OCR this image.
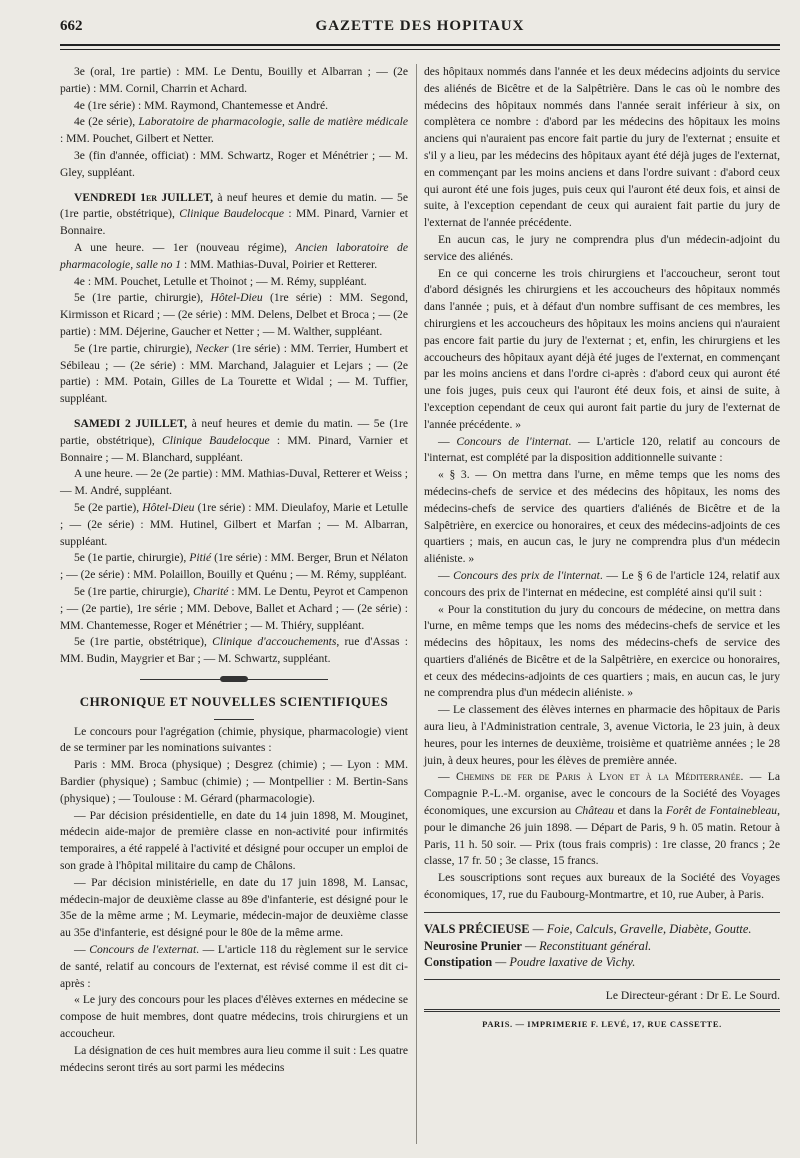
662	GAZETTE DES HOPITAUX

3e (oral, 1re partie) : MM. Le Dentu, Bouilly et Albarran ; — (2e partie) : MM. Cornil, Charrin et Achard.

4e (1re série) : MM. Raymond, Chantemesse et André.

4e (2e série), Laboratoire de pharmacologie, salle de matière médicale : MM. Pouchet, Gilbert et Netter.

3e (fin d'année, officiat) : MM. Schwartz, Roger et Ménétrier ; — M. Gley, suppléant.

VENDREDI 1er JUILLET, à neuf heures et demie du matin. — 5e (1re partie, obstétrique), Clinique Baudelocque : MM. Pinard, Varnier et Bonnaire.

A une heure. — 1er (nouveau régime), Ancien laboratoire de pharmacologie, salle no 1 : MM. Mathias-Duval, Poirier et Retterer.

4e : MM. Pouchet, Letulle et Thoinot ; — M. Rémy, suppléant.

5e (1re partie, chirurgie), Hôtel-Dieu (1re série) : MM. Segond, Kirmisson et Ricard ; — (2e série) : MM. Delens, Delbet et Broca ; — (2e partie) : MM. Déjerine, Gaucher et Netter ; — M. Walther, suppléant.

5e (1re partie, chirurgie), Necker (1re série) : MM. Terrier, Humbert et Sébileau ; — (2e série) : MM. Marchand, Jalaguier et Lejars ; — (2e partie) : MM. Potain, Gilles de La Tourette et Widal ; — M. Tuffier, suppléant.

SAMEDI 2 JUILLET, à neuf heures et demie du matin. — 5e (1re partie, obstétrique), Clinique Baudelocque : MM. Pinard, Varnier et Bonnaire ; — M. Blanchard, suppléant.

A une heure. — 2e (2e partie) : MM. Mathias-Duval, Retterer et Weiss ; — M. André, suppléant.

5e (2e partie), Hôtel-Dieu (1re série) : MM. Dieulafoy, Marie et Letulle ; — (2e série) : MM. Hutinel, Gilbert et Marfan ; — M. Albarran, suppléant.

5e (1e partie, chirurgie), Pitié (1re série) : MM. Berger, Brun et Nélaton ; — (2e série) : MM. Polaillon, Bouilly et Quénu ; — M. Rémy, suppléant.

5e (1re partie, chirurgie), Charité : MM. Le Dentu, Peyrot et Campenon ; — (2e partie), 1re série ; MM. Debove, Ballet et Achard ; — (2e série) : MM. Chantemesse, Roger et Ménétrier ; — M. Thiéry, suppléant.

5e (1re partie, obstétrique), Clinique d'accouchements, rue d'Assas : MM. Budin, Maygrier et Bar ; — M. Schwartz, suppléant.

CHRONIQUE ET NOUVELLES SCIENTIFIQUES

Le concours pour l'agrégation (chimie, physique, pharmacologie) vient de se terminer par les nominations suivantes :

Paris : MM. Broca (physique) ; Desgrez (chimie) ; — Lyon : MM. Bardier (physique) ; Sambuc (chimie) ; — Montpellier : M. Bertin-Sans (physique) ; — Toulouse : M. Gérard (pharmacologie).

— Par décision présidentielle, en date du 14 juin 1898, M. Mouginet, médecin aide-major de première classe en non-activité pour infirmités temporaires, a été rappelé à l'activité et désigné pour occuper un emploi de son grade à l'hôpital militaire du camp de Châlons.

— Par décision ministérielle, en date du 17 juin 1898, M. Lansac, médecin-major de deuxième classe au 89e d'infanterie, est désigné pour le 35e de la même arme ; M. Leymarie, médecin-major de deuxième classe au 35e d'infanterie, est désigné pour le 80e de la même arme.

— Concours de l'externat. — L'article 118 du règlement sur le service de santé, relatif au concours de l'externat, est révisé comme il est dit ci-après :

« Le jury des concours pour les places d'élèves externes en médecine se compose de huit membres, dont quatre médecins, trois chirurgiens et un accoucheur.

La désignation de ces huit membres aura lieu comme il suit : Les quatre médecins seront tirés au sort parmi les médecins

des hôpitaux nommés dans l'année et les deux médecins adjoints du service des aliénés de Bicêtre et de la Salpêtrière. Dans le cas où le nombre des médecins des hôpitaux nommés dans l'année serait inférieur à six, on complètera ce nombre : d'abord par les médecins des hôpitaux les moins anciens qui n'auraient pas encore fait partie du jury de l'externat ; ensuite et s'il y a lieu, par les médecins des hôpitaux ayant été déjà juges de l'externat, en commençant par les moins anciens et dans l'ordre suivant : d'abord ceux qui auront été une fois juges, puis ceux qui l'auront été deux fois, et ainsi de suite, à l'exception cependant de ceux qui auraient fait partie du jury de l'externat de l'année précédente.

En aucun cas, le jury ne comprendra plus d'un médecin-adjoint du service des aliénés.

En ce qui concerne les trois chirurgiens et l'accoucheur, seront tout d'abord désignés les chirurgiens et les accoucheurs des hôpitaux nommés dans l'année ; puis, et à défaut d'un nombre suffisant de ces membres, les chirurgiens et les accoucheurs des hôpitaux les moins anciens qui n'auraient pas encore fait partie du jury de l'externat ; et, enfin, les chirurgiens et les accoucheurs des hôpitaux ayant déjà été juges de l'externat, en commençant par les moins anciens et dans l'ordre ci-après : d'abord ceux qui auront été une fois juges, puis ceux qui l'auront été deux fois, et ainsi de suite, à l'exception cependant de ceux qui auront fait partie du jury de l'externat de l'année précédente. »

— Concours de l'internat. — L'article 120, relatif au concours de l'internat, est complété par la disposition additionnelle suivante :

« § 3. — On mettra dans l'urne, en même temps que les noms des médecins-chefs de service et des médecins des hôpitaux, les noms des médecins-chefs de service des quartiers d'aliénés de Bicêtre et de la Salpêtrière, en exercice ou honoraires, et ceux des médecins-adjoints de ces quartiers ; mais, en aucun cas, le jury ne comprendra plus d'un médecin aliéniste. »

— Concours des prix de l'internat. — Le § 6 de l'article 124, relatif aux concours des prix de l'internat en médecine, est complété ainsi qu'il suit :

« Pour la constitution du jury du concours de médecine, on mettra dans l'urne, en même temps que les noms des médecins-chefs de service et les médecins des hôpitaux, les noms des médecins-chefs de service des quartiers d'aliénés de Bicêtre et de la Salpêtrière, en exercice ou honoraires, et ceux des médecins-adjoints de ces quartiers ; mais, en aucun cas, le jury ne comprendra plus d'un médecin aliéniste. »

— Le classement des élèves internes en pharmacie des hôpitaux de Paris aura lieu, à l'Administration centrale, 3, avenue Victoria, le 23 juin, à deux heures, pour les internes de deuxième, troisième et quatrième années ; le 28 juin, à deux heures, pour les élèves de première année.

— Chemins de fer de Paris à Lyon et à la Méditerranée. — La Compagnie P.-L.-M. organise, avec le concours de la Société des Voyages économiques, une excursion au Château et dans la Forêt de Fontainebleau, pour le dimanche 26 juin 1898. — Départ de Paris, 9 h. 05 matin. Retour à Paris, 11 h. 50 soir. — Prix (tous frais compris) : 1re classe, 20 francs ; 2e classe, 17 fr. 50 ; 3e classe, 15 francs.

Les souscriptions sont reçues aux bureaux de la Société des Voyages économiques, 17, rue du Faubourg-Montmartre, et 10, rue Auber, à Paris.

VALS PRÉCIEUSE — Foie, Calculs, Gravelle, Diabète, Goutte.

Neurosine Prunier — Reconstituant général.

Constipation — Poudre laxative de Vichy.

Le Directeur-gérant : Dr E. Le Sourd.
PARIS. — IMPRIMERIE F. LEVÉ, 17, RUE CASSETTE.
